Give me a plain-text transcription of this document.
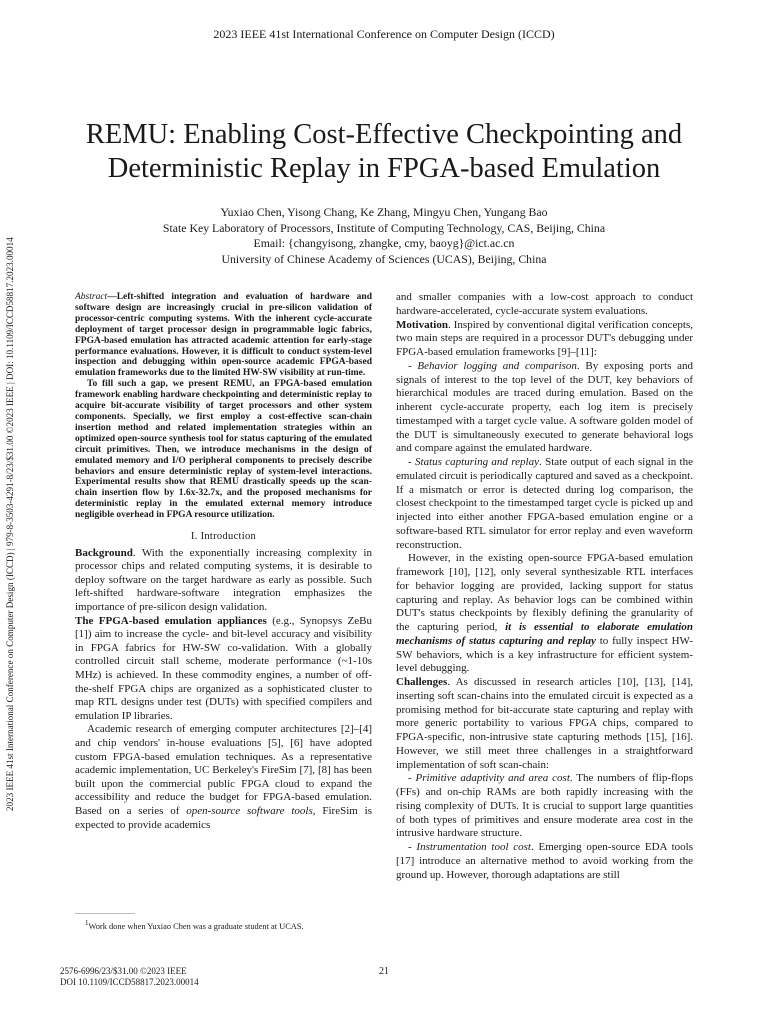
2023 IEEE 41st International Conference on Computer Design (ICCD)
2023 IEEE 41st International Conference on Computer Design (ICCD) | 979-8-3503-4291-8/23/$31.00 ©2023 IEEE | DOI: 10.1109/ICCD58817.2023.00014
REMU: Enabling Cost-Effective Checkpointing and Deterministic Replay in FPGA-based Emulation
Yuxiao Chen, Yisong Chang, Ke Zhang, Mingyu Chen, Yungang Bao
State Key Laboratory of Processors, Institute of Computing Technology, CAS, Beijing, China
Email: {changyisong, zhangke, cmy, baoyg}@ict.ac.cn
University of Chinese Academy of Sciences (UCAS), Beijing, China

Abstract—Left-shifted integration and evaluation of hardware and software design are increasingly crucial in pre-silicon validation of processor-centric computing systems. With the inherent cycle-accurate deployment of target processor design in programmable logic fabrics, FPGA-based emulation has attracted academic attention for early-stage performance evaluations. However, it is difficult to conduct system-level inspection and debugging within open-source academic FPGA-based emulation frameworks due to the limited HW-SW visibility at run-time.

To fill such a gap, we present REMU, an FPGA-based emulation framework enabling hardware checkpointing and deterministic replay to acquire bit-accurate visibility of target processors and other system components. Specially, we first employ a cost-effective scan-chain insertion method and related implementation strategies within an optimized open-source synthesis tool for status capturing of the emulated circuit primitives. Then, we introduce mechanisms in the design of emulated memory and I/O peripheral components to precisely describe behaviors and ensure deterministic replay of system-level interactions. Experimental results show that REMU drastically speeds up the scan-chain insertion flow by 1.6x-32.7x, and the proposed mechanisms for deterministic replay in the emulated external memory introduce negligible overhead in FPGA resource utilization.

I. Introduction

Background. With the exponentially increasing complexity in processor chips and related computing systems, it is desirable to deploy software on the target hardware as early as possible. Such left-shifted hardware-software integration emphasizes the importance of pre-silicon design validation.

The FPGA-based emulation appliances (e.g., Synopsys ZeBu [1]) aim to increase the cycle- and bit-level accuracy and visibility in FPGA fabrics for HW-SW co-validation. With a globally controlled circuit stall scheme, moderate performance (~1-10s MHz) is achieved. In these commodity engines, a number of off-the-shelf FPGA chips are organized as a sophisticated cluster to map RTL designs under test (DUTs) with specified compilers and emulation IP libraries.

Academic research of emerging computer architectures [2]–[4] and chip vendors' in-house evaluations [5], [6] have adopted custom FPGA-based emulation techniques. As a representative academic implementation, UC Berkeley's FireSim [7], [8] has been built upon the commercial public FPGA cloud to expand the accessibility and reduce the budget for FPGA-based emulation. Based on a series of open-source software tools, FireSim is expected to provide academics

$^1$Work done when Yuxiao Chen was a graduate student at UCAS.

and smaller companies with a low-cost approach to conduct hardware-accelerated, cycle-accurate system evaluations.

Motivation. Inspired by conventional digital verification concepts, two main steps are required in a processor DUT's debugging under FPGA-based emulation frameworks [9]–[11]:

- Behavior logging and comparison. By exposing ports and signals of interest to the top level of the DUT, key behaviors of hierarchical modules are traced during emulation. Based on the inherent cycle-accurate property, each log item is precisely timestamped with a target cycle value. A software golden model of the DUT is simultaneously executed to generate behavioral logs and compare against the emulated hardware.

- Status capturing and replay. State output of each signal in the emulated circuit is periodically captured and saved as a checkpoint. If a mismatch or error is detected during log comparison, the closest checkpoint to the timestamped target cycle is picked up and injected into either another FPGA-based emulation engine or a software-based RTL simulator for error replay and even waveform reconstruction.

However, in the existing open-source FPGA-based emulation framework [10], [12], only several synthesizable RTL interfaces for behavior logging are provided, lacking support for status capturing and replay. As behavior logs can be combined within DUT's status checkpoints by flexibly defining the granularity of the capturing period, it is essential to elaborate emulation mechanisms of status capturing and replay to fully inspect HW-SW behaviors, which is a key infrastructure for efficient system-level debugging.

Challenges. As discussed in research articles [10], [13], [14], inserting soft scan-chains into the emulated circuit is expected as a promising method for bit-accurate state capturing and replay with more generic portability to various FPGA chips, compared to FPGA-specific, non-intrusive state capturing methods [15], [16]. However, we still meet three challenges in a straightforward implementation of soft scan-chain:

- Primitive adaptivity and area cost. The numbers of flip-flops (FFs) and on-chip RAMs are both rapidly increasing with the rising complexity of DUTs. It is crucial to support large quantities of both types of primitives and ensure moderate area cost in the intrusive hardware structure.

- Instrumentation tool cost. Emerging open-source EDA tools [17] introduce an alternative method to avoid working from the ground up. However, thorough adaptations are still

2576-6996/23/$31.00 ©2023 IEEE
DOI 10.1109/ICCD58817.2023.00014
21
